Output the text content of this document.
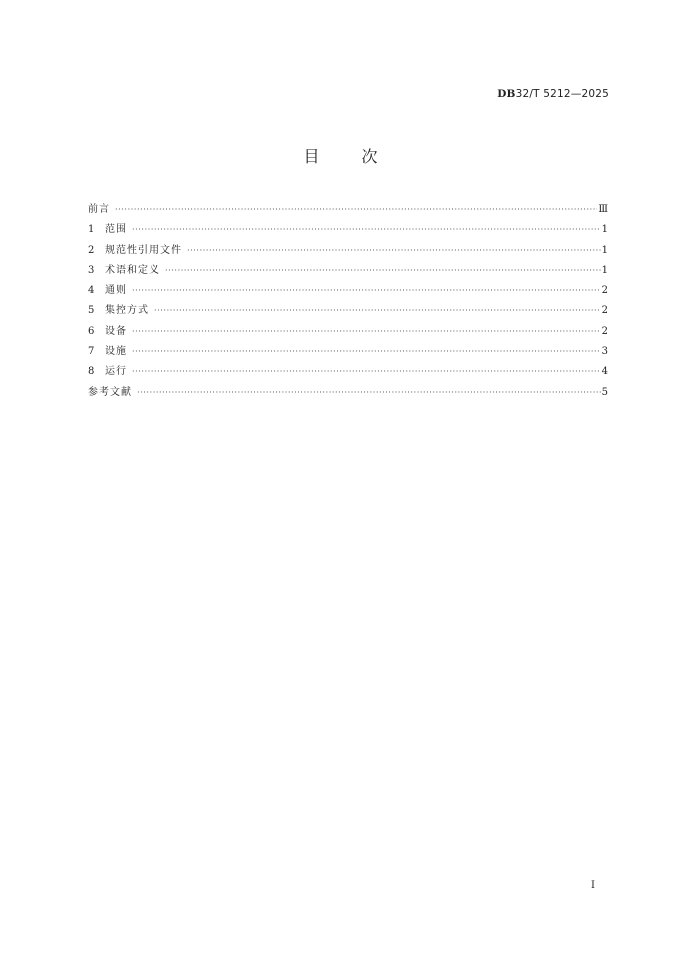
DB32/T 5212—2025
目次
前言 ·····	Ⅲ
1	范围 ·····	1
2	规范性引用文件 ·····	1
3	术语和定义 ·····	1
4	通则 ·····	2
5	集控方式 ·····	2
6	设备 ·····	2
7	设施 ·····	3
8	运行 ·····	4
参考文献 ·····	5
I
